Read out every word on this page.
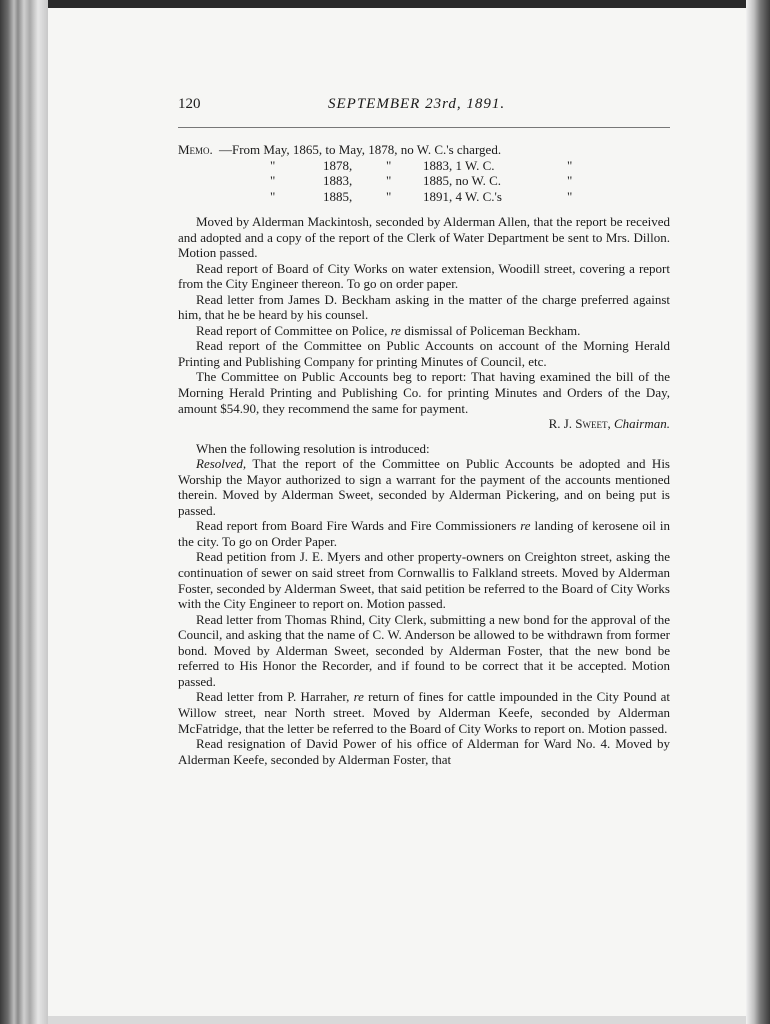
120	SEPTEMBER 23rd, 1891.
Memo. —From May, 1865, to May, 1878, no W. C.'s charged.
"	1878,	" 1883, 1 W. C.	"
"	1883,	" 1885, no W. C.	"
"	1885,	" 1891, 4 W. C.'s	"

Moved by Alderman Mackintosh, seconded by Alderman Allen, that the report be received and adopted and a copy of the report of the Clerk of Water Department be sent to Mrs. Dillon. Motion passed.

Read report of Board of City Works on water extension, Woodill street, covering a report from the City Engineer thereon. To go on order paper.

Read letter from James D. Beckham asking in the matter of the charge preferred against him, that he be heard by his counsel.

Read report of Committee on Police, re dismissal of Policeman Beckham.

Read report of the Committee on Public Accounts on account of the Morning Herald Printing and Publishing Company for printing Minutes of Council, etc.

The Committee on Public Accounts beg to report: That having examined the bill of the Morning Herald Printing and Publishing Co. for printing Minutes and Orders of the Day, amount $54.90, they recommend the same for payment.

R. J. Sweet, Chairman.

When the following resolution is introduced:

Resolved, That the report of the Committee on Public Accounts be adopted and His Worship the Mayor authorized to sign a warrant for the payment of the accounts mentioned therein. Moved by Alderman Sweet, seconded by Alderman Pickering, and on being put is passed.

Read report from Board Fire Wards and Fire Commissioners re landing of kerosene oil in the city. To go on Order Paper.

Read petition from J. E. Myers and other property-owners on Creighton street, asking the continuation of sewer on said street from Cornwallis to Falkland streets. Moved by Alderman Foster, seconded by Alderman Sweet, that said petition be referred to the Board of City Works with the City Engineer to report on. Motion passed.

Read letter from Thomas Rhind, City Clerk, submitting a new bond for the approval of the Council, and asking that the name of C. W. Anderson be allowed to be withdrawn from former bond. Moved by Alderman Sweet, seconded by Alderman Foster, that the new bond be referred to His Honor the Recorder, and if found to be correct that it be accepted. Motion passed.

Read letter from P. Harraher, re return of fines for cattle impounded in the City Pound at Willow street, near North street. Moved by Alderman Keefe, seconded by Alderman McFatridge, that the letter be referred to the Board of City Works to report on. Motion passed.

Read resignation of David Power of his office of Alderman for Ward No. 4. Moved by Alderman Keefe, seconded by Alderman Foster, that
